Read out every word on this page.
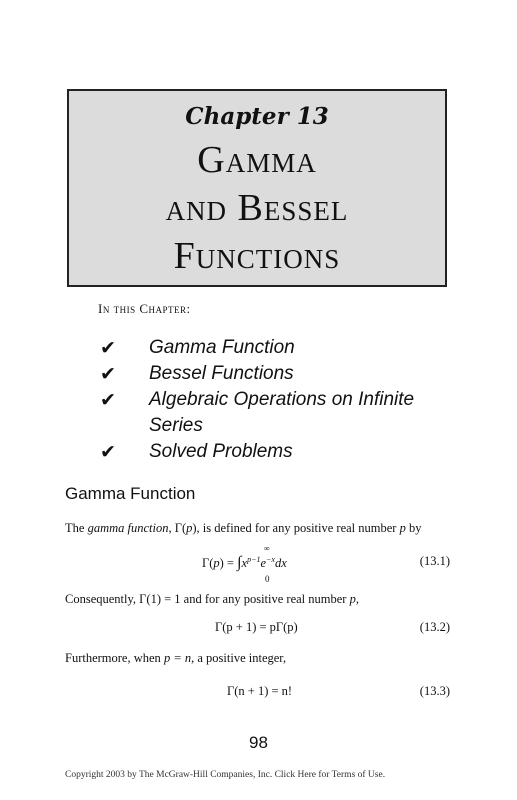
Chapter 13
Gamma
and Bessel
Functions
In this Chapter:
✔ Gamma Function
✔ Bessel Functions
✔ Algebraic Operations on Infinite
Series
✔ Solved Problems
Gamma Function
The gamma function, Γ(p), is defined for any positive real number p by
∞
$\Gamma(p) = \int x^{p-1}e^{-x}dx$
0
(13.1)
Consequently, Γ(1) = 1 and for any positive real number p,
Γ(p + 1) = pΓ(p)	(13.2)
Furthermore, when p = n, a positive integer,
Γ(n + 1) = n!	(13.3)
98
Copyright 2003 by The McGraw-Hill Companies, Inc. Click Here for Terms of Use.
